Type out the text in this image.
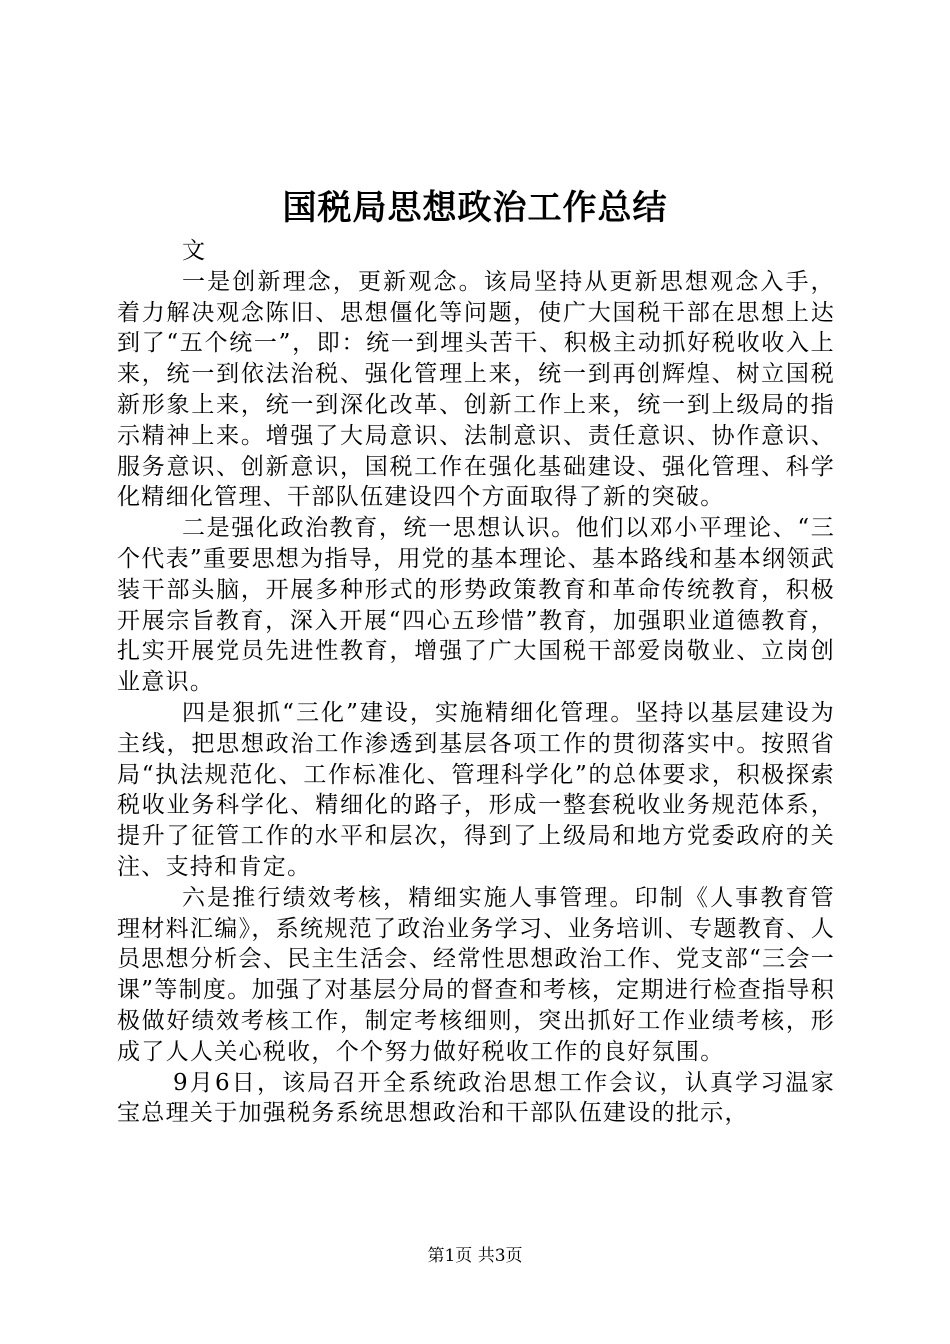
国税局思想政治工作总结

文

一是创新理念，更新观念。该局坚持从更新思想观念入手，着力解决观念陈旧、思想僵化等问题，使广大国税干部在思想上达到了“五个统一”，即：统一到埋头苦干、积极主动抓好税收收入上来，统一到依法治税、强化管理上来，统一到再创辉煌、树立国税新形象上来，统一到深化改革、创新工作上来，统一到上级局的指示精神上来。增强了大局意识、法制意识、责任意识、协作意识、服务意识、创新意识，国税工作在强化基础建设、强化管理、科学化精细化管理、干部队伍建设四个方面取得了新的突破。

二是强化政治教育，统一思想认识。他们以邓小平理论、“三个代表”重要思想为指导，用党的基本理论、基本路线和基本纲领武装干部头脑，开展多种形式的形势政策教育和革命传统教育，积极开展宗旨教育，深入开展“四心五珍惜”教育，加强职业道德教育，扎实开展党员先进性教育，增强了广大国税干部爱岗敬业、立岗创业意识。

四是狠抓“三化”建设，实施精细化管理。坚持以基层建设为主线，把思想政治工作渗透到基层各项工作的贯彻落实中。按照省局“执法规范化、工作标准化、管理科学化”的总体要求，积极探索税收业务科学化、精细化的路子，形成一整套税收业务规范体系，提升了征管工作的水平和层次，得到了上级局和地方党委政府的关注、支持和肯定。

六是推行绩效考核，精细实施人事管理。印制《人事教育管理材料汇编》，系统规范了政治业务学习、业务培训、专题教育、人员思想分析会、民主生活会、经常性思想政治工作、党支部“三会一课”等制度。加强了对基层分局的督查和考核，定期进行检查指导积极做好绩效考核工作，制定考核细则，突出抓好工作业绩考核，形成了人人关心税收，个个努力做好税收工作的良好氛围。

9月6日，该局召开全系统政治思想工作会议，认真学习温家宝总理关于加强税务系统思想政治和干部队伍建设的批示，

第1页 共3页
